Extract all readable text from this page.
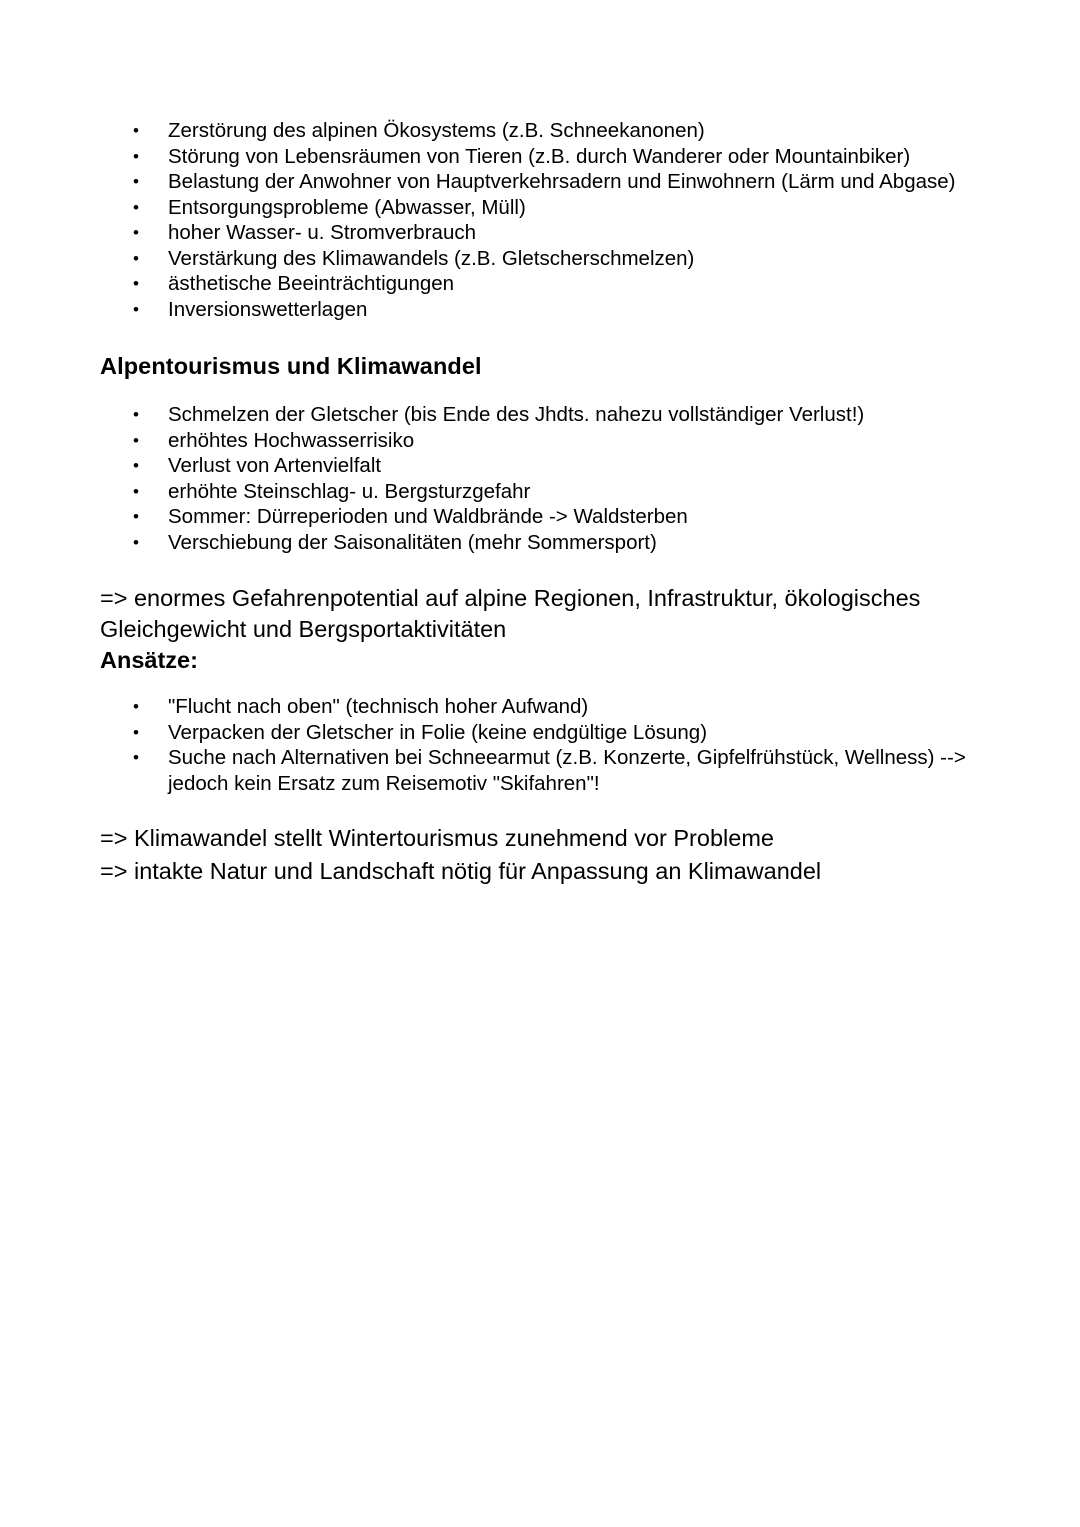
• Zerstörung des alpinen Ökosystems (z.B. Schneekanonen)
• Störung von Lebensräumen von Tieren (z.B. durch Wanderer oder Mountainbiker)
• Belastung der Anwohner von Hauptverkehrsadern und Einwohnern (Lärm und Abgase)
• Entsorgungsprobleme (Abwasser, Müll)
• hoher Wasser- u. Stromverbrauch
• Verstärkung des Klimawandels (z.B. Gletscherschmelzen)
• ästhetische Beeinträchtigungen
• Inversionswetterlagen
Alpentourismus und Klimawandel
• Schmelzen der Gletscher (bis Ende des Jhdts. nahezu vollständiger Verlust!)
• erhöhtes Hochwasserrisiko
• Verlust von Artenvielfalt
• erhöhte Steinschlag- u. Bergsturzgefahr
• Sommer: Dürreperioden und Waldbrände -> Waldsterben
• Verschiebung der Saisonalitäten (mehr Sommersport)

=> enormes Gefahrenpotential auf alpine Regionen, Infrastruktur, ökologisches Gleichgewicht und Bergsportaktivitäten

Ansätze:

• "Flucht nach oben" (technisch hoher Aufwand)
• Verpacken der Gletscher in Folie (keine endgültige Lösung)
• Suche nach Alternativen bei Schneearmut (z.B. Konzerte, Gipfelfrühstück, Wellness) --> jedoch kein Ersatz zum Reisemotiv "Skifahren"!

=> Klimawandel stellt Wintertourismus zunehmend vor Probleme

=> intakte Natur und Landschaft nötig für Anpassung an Klimawandel
